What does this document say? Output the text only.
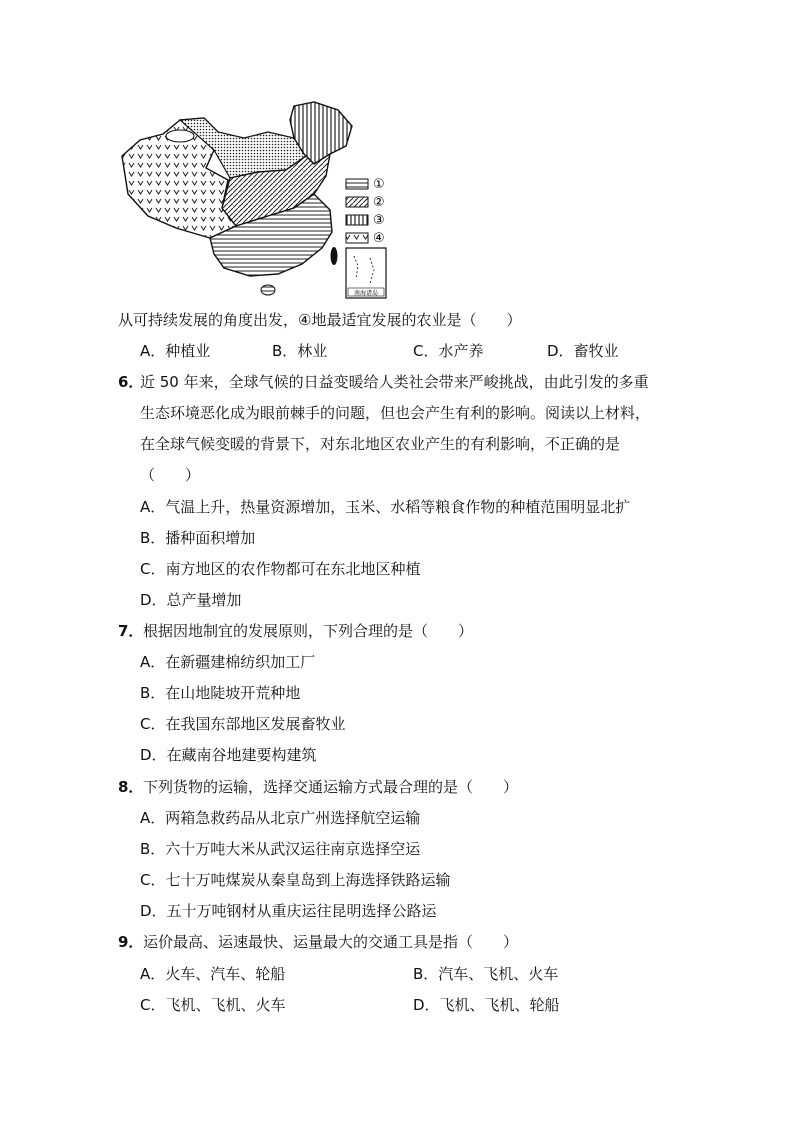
①
②
③
④
南海诸岛
从可持续发展的角度出发，④地最适宜发展的农业是（　　）
A．种植业	B．林业	C．水产养	D．畜牧业
6．
近 50 年来，全球气候的日益变暖给人类社会带来严峻挑战，由此引发的多重
生态环境恶化成为眼前棘手的问题，但也会产生有利的影响。阅读以上材料，
在全球气候变暖的背景下，对东北地区农业产生的有利影响，不正确的是
（　　）
A．气温上升，热量资源增加，玉米、水稻等粮食作物的种植范围明显北扩
B．播种面积增加
C．南方地区的农作物都可在东北地区种植
D．总产量增加
7． 根据因地制宜的发展原则，下列合理的是（　　）
A．在新疆建棉纺织加工厂
B．在山地陡坡开荒种地
C．在我国东部地区发展畜牧业
D．在藏南谷地建要构建筑
8． 下列货物的运输，选择交通运输方式最合理的是（　　）
A．两箱急救药品从北京广州选择航空运输
B．六十万吨大米从武汉运往南京选择空运
C．七十万吨煤炭从秦皇岛到上海选择铁路运输
D．五十万吨钢材从重庆运往昆明选择公路运
9． 运价最高、运速最快、运量最大的交通工具是指（　　）
A．火车、汽车、轮船	B．汽车、飞机、火车
C．飞机、飞机、火车	D．飞机、飞机、轮船
